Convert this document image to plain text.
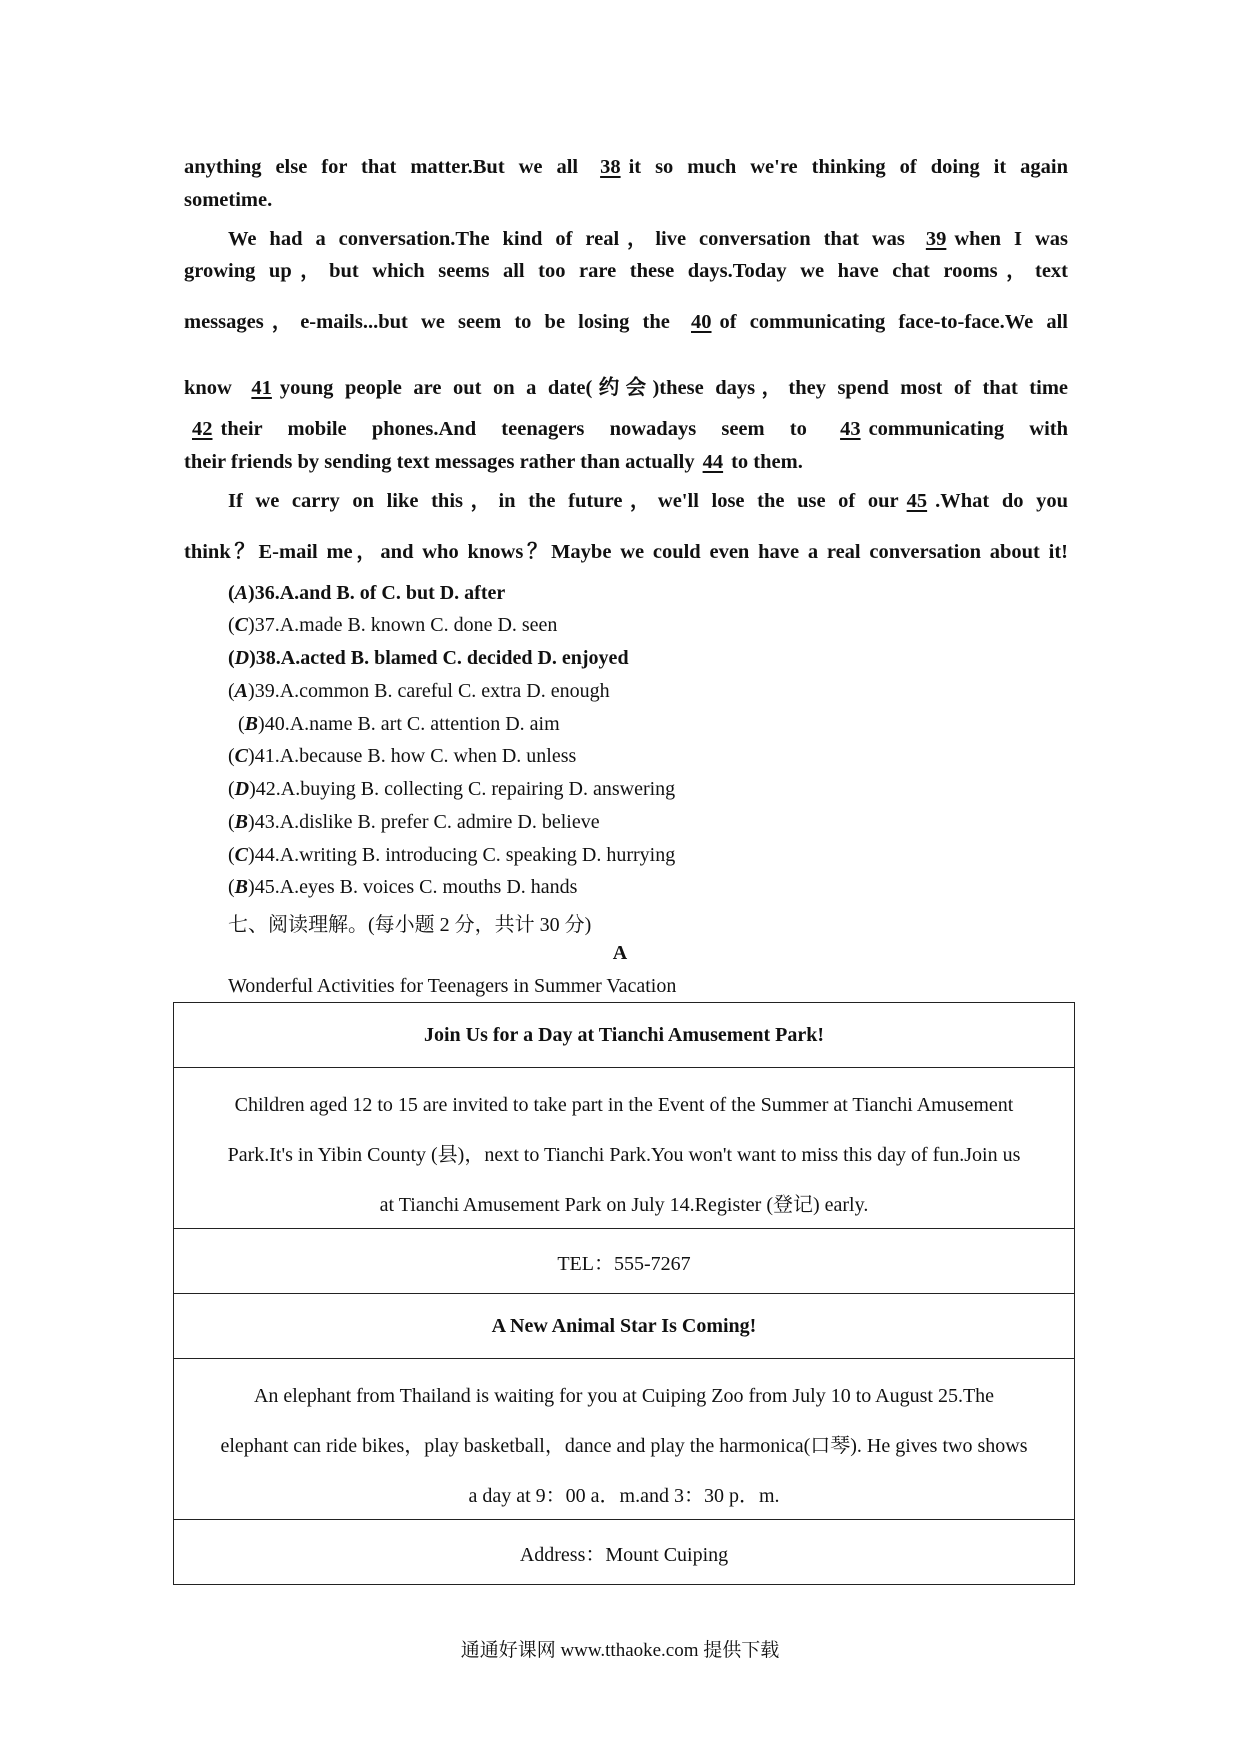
anything else for that matter.But we all 38 it so much we're thinking of doing it again
sometime.
We had a conversation.The kind of real，live conversation that was 39 when I was
growing up，but which seems all too rare these days.Today we have chat rooms，text
messages，e-mails...but we seem to be losing the 40 of communicating face-to-face.We all
know 41 young people are out on a date(约会)these days，they spend most of that time
42 their mobile phones.And teenagers nowadays seem to 43 communicating with
their friends by sending text messages rather than actually 44 to them.
If we carry on like this，in the future，we'll lose the use of our 45 .What do you
think？E-mail me，and who knows？Maybe we could even have a real conversation about it!
(A)36.A.and B. of C. but D. after
(C)37.A.made B. known C. done D. seen
(D)38.A.acted B. blamed C. decided D. enjoyed
(A)39.A.common B. careful C. extra D. enough
(B)40.A.name B. art C. attention D. aim
(C)41.A.because B. how C. when D. unless
(D)42.A.buying B. collecting C. repairing D. answering
(B)43.A.dislike B. prefer C. admire D. believe
(C)44.A.writing B. introducing C. speaking D. hurrying
(B)45.A.eyes B. voices C. mouths D. hands
七、阅读理解。(每小题 2 分，共计 30 分)
A
Wonderful Activities for Teenagers in Summer Vacation
Join Us for a Day at Tianchi Amusement Park!

Children aged 12 to 15 are invited to take part in the Event of the Summer at Tianchi Amusement
Park.It's in Yibin County (县)，next to Tianchi Park.You won't want to miss this day of fun.Join us
at Tianchi Amusement Park on July 14.Register (登记) early.

TEL：555-7267
A New Animal Star Is Coming!

An elephant from Thailand is waiting for you at Cuiping Zoo from July 10 to August 25.The
elephant can ride bikes，play basketball，dance and play the harmonica(口琴). He gives two shows
a day at 9：00 a．m.and 3：30 p．m.

Address：Mount Cuiping
通通好课网 www.tthaoke.com 提供下载
